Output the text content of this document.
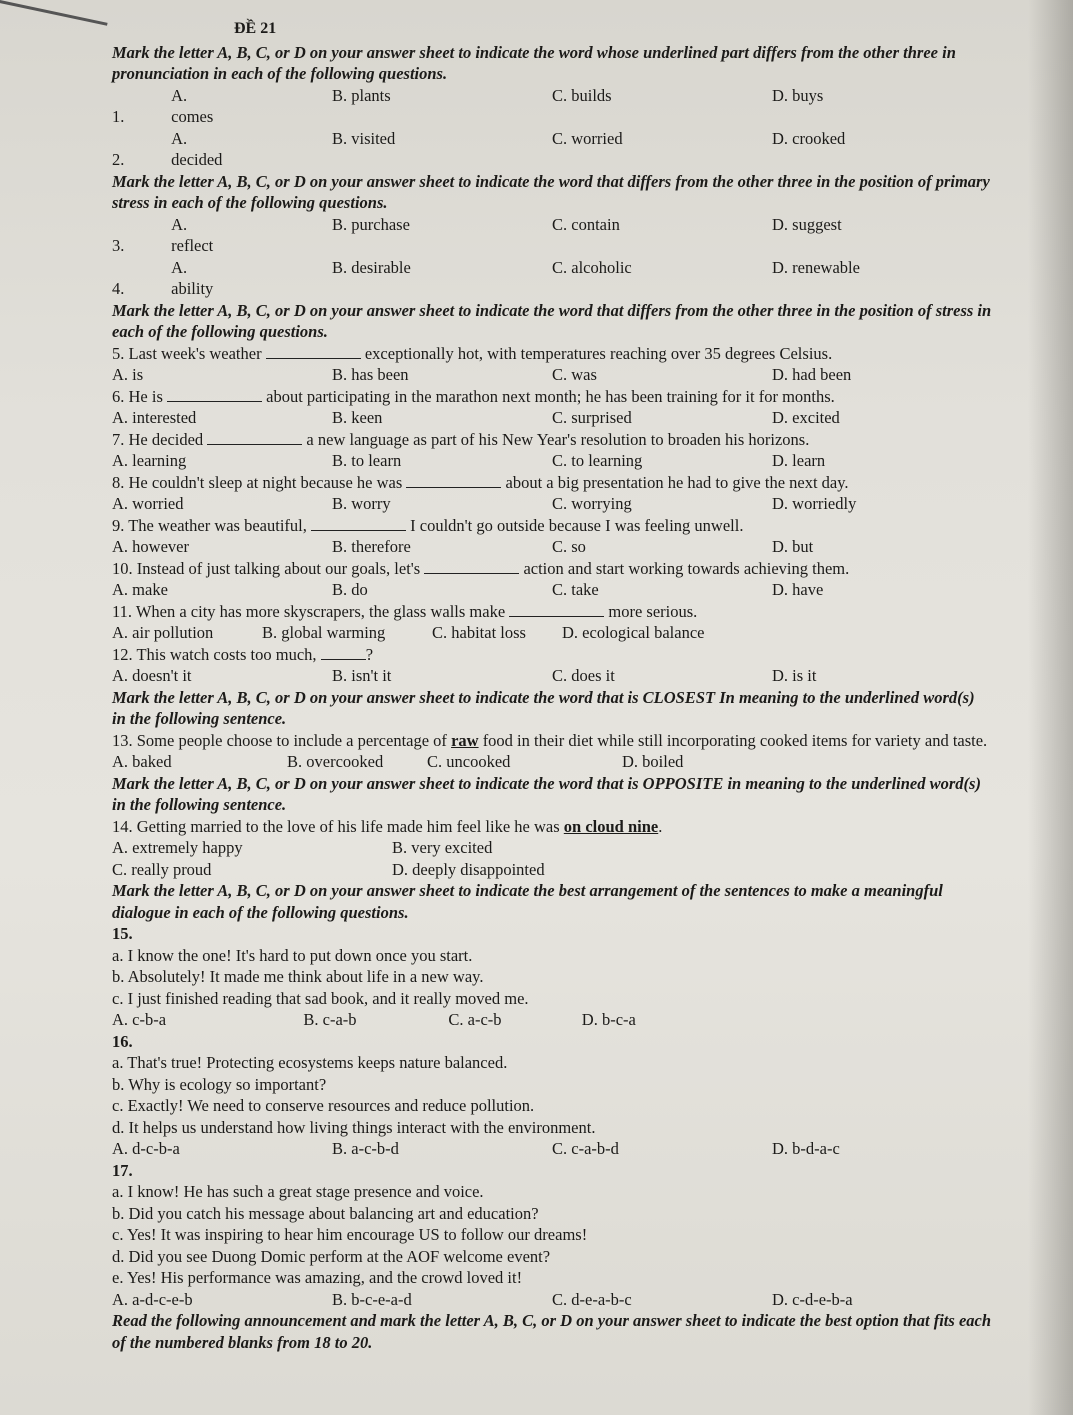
ĐỀ 21
Mark the letter A, B, C, or D on your answer sheet to indicate the word whose underlined part differs from the other three in pronunciation in each of the following questions.
1. A. comes
B. plants	C. builds	D. buys
2. A. decided
B. visited	C. worried	D. crooked
Mark the letter A, B, C, or D on your answer sheet to indicate the word that differs from the other three in the position of primary stress in each of the following questions.
3. A. reflect
B. purchase	C. contain	D. suggest
4. A. ability
B. desirable	C. alcoholic	D. renewable
Mark the letter A, B, C, or D on your answer sheet to indicate the word that differs from the other three in the position of stress in each of the following questions.
5. Last week's weather	exceptionally hot, with temperatures reaching over 35 degrees Celsius.
A. is	B. has been	C. was	D. had been
6. He is	about participating in the marathon next month; he has been training for it for months.
A. interested	B. keen	C. surprised	D. excited
7. He decided	a new language as part of his New Year's resolution to broaden his horizons.
A. learning	B. to learn	C. to learning	D. learn
8. He couldn't sleep at night because he was	about a big presentation he had to give the next day.
A. worried	B. worry	C. worrying	D. worriedly
9. The weather was beautiful,	I couldn't go outside because I was feeling unwell.
A. however	B. therefore	C. so	D. but
10. Instead of just talking about our goals, let's	action and start working towards achieving them.
A. make	B. do	C. take	D. have
11. When a city has more skyscrapers, the glass walls make	more serious.
A. air pollution	B. global warming	C. habitat loss	D. ecological balance
12. This watch costs too much,	?
A. doesn't it	B. isn't it	C. does it	D. is it
Mark the letter A, B, C, or D on your answer sheet to indicate the word that is CLOSEST In meaning to the underlined word(s) in the following sentence.
13. Some people choose to include a percentage of raw food in their diet while still incorporating cooked items for variety and taste.
A. baked	B. overcooked	C. uncooked	D. boiled
Mark the letter A, B, C, or D on your answer sheet to indicate the word that is OPPOSITE in meaning to the underlined word(s) in the following sentence.
14. Getting married to the love of his life made him feel like he was on cloud nine.
A. extremely happy	B. very excited
C. really proud	D. deeply disappointed
Mark the letter A, B, C, or D on your answer sheet to indicate the best arrangement of the sentences to make a meaningful dialogue in each of the following questions.
15.
a. I know the one! It's hard to put down once you start.
b. Absolutely! It made me think about life in a new way.
c. I just finished reading that sad book, and it really moved me.
A. c-b-a	B. c-a-b	C. a-c-b	D. b-c-a
16.
a. That's true! Protecting ecosystems keeps nature balanced.
b. Why is ecology so important?
c. Exactly! We need to conserve resources and reduce pollution.
d. It helps us understand how living things interact with the environment.
A. d-c-b-a	B. a-c-b-d	C. c-a-b-d	D. b-d-a-c
17.
a. I know! He has such a great stage presence and voice.
b. Did you catch his message about balancing art and education?
c. Yes! It was inspiring to hear him encourage US to follow our dreams!
d. Did you see Duong Domic perform at the AOF welcome event?
e. Yes! His performance was amazing, and the crowd loved it!
A. a-d-c-e-b	B. b-c-e-a-d	C. d-e-a-b-c	D. c-d-e-b-a
Read the following announcement and mark the letter A, B, C, or D on your answer sheet to indicate the best option that fits each of the numbered blanks from 18 to 20.
